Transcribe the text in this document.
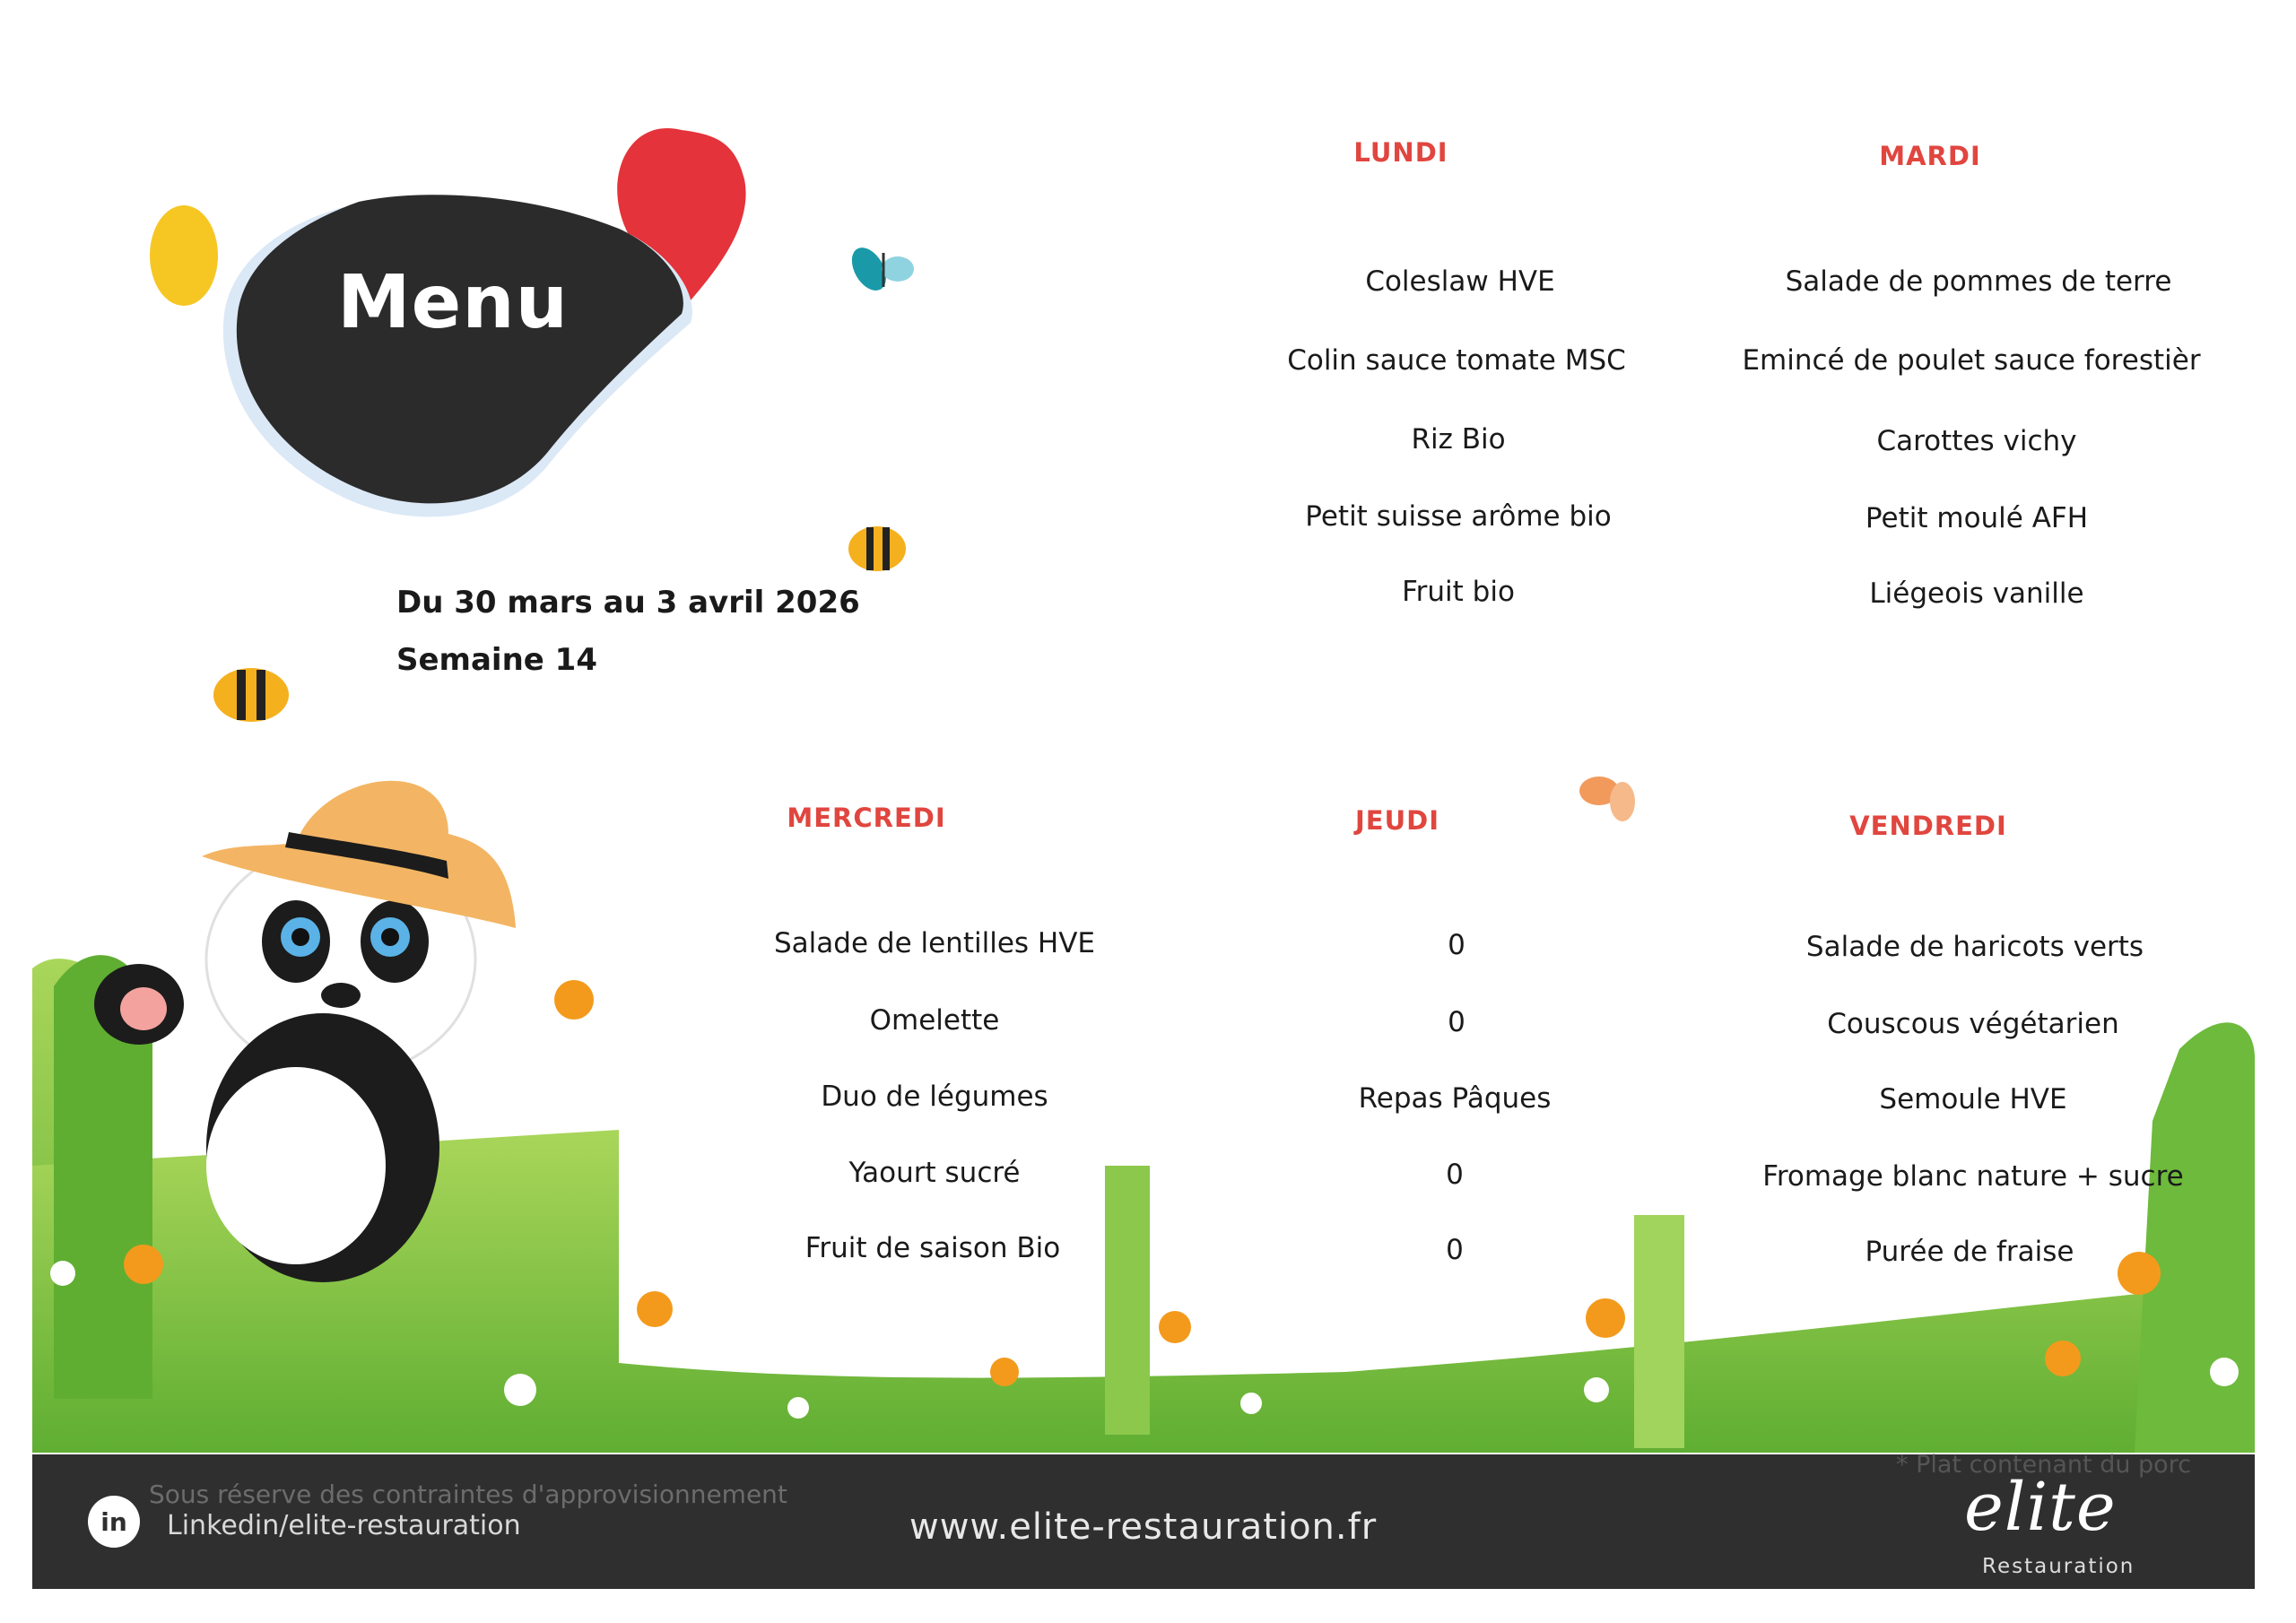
Menu
Du 30 mars au 3 avril 2026
Semaine 14
LUNDI
Coleslaw HVE
Colin sauce tomate MSC
Riz Bio
Petit suisse arôme bio
Fruit bio
MARDI
Salade de pommes de terre
Emincé de poulet sauce forestièr
Carottes vichy
Petit moulé AFH
Liégeois vanille
MERCREDI
Salade de lentilles HVE
Omelette
Duo de légumes
Yaourt sucré
Fruit de saison Bio
JEUDI
0
0
Repas Pâques
0
0
VENDREDI
Salade de haricots verts
Couscous végétarien
Semoule HVE
Fromage blanc nature + sucre
Purée de fraise
Sous réserve des contraintes d'approvisionnement
in	Linkedin/elite-restauration	www.elite-restauration.fr
* Plat contenant du porc
elite
Restauration
